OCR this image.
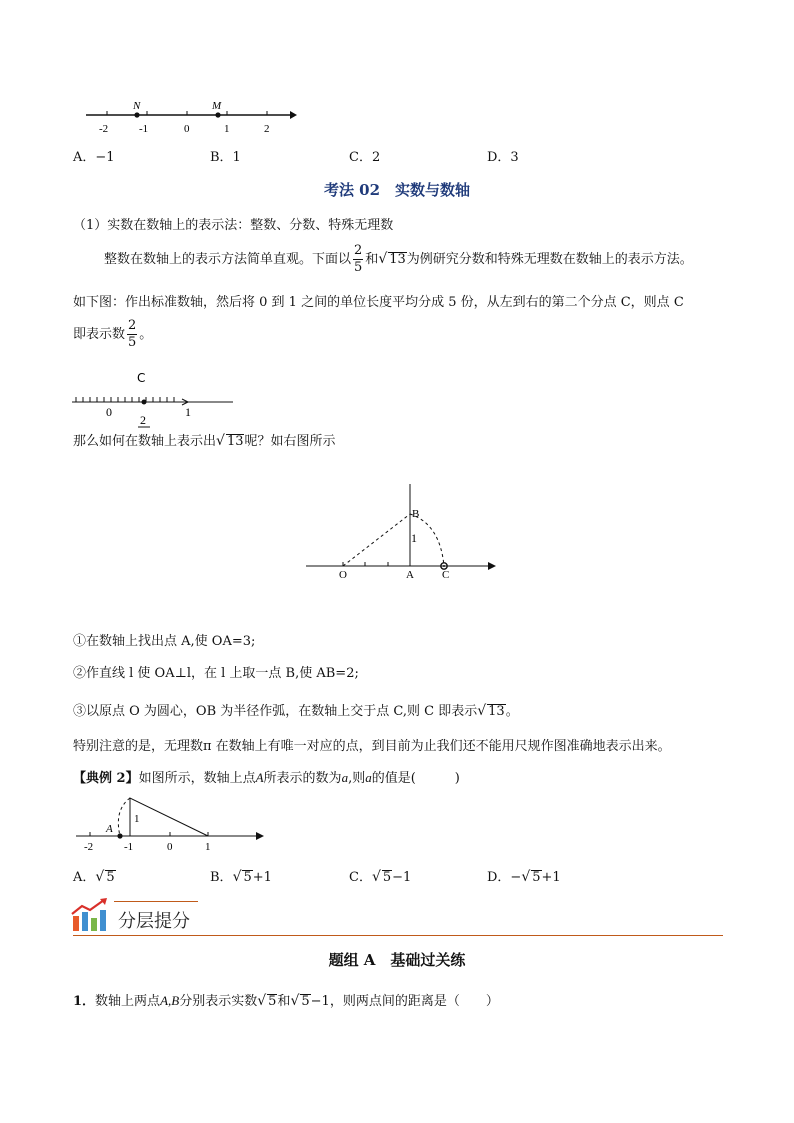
N	M
-2	-1	0	1	2
A．−1	B．1	C．2	D．3
考法 02　实数与数轴
（1）实数在数轴上的表示法：整数、分数、特殊无理数
整数在数轴上的表示方法简单直观。下面以 $\frac{2}{5}$ 和√ 13为例研究分数和特殊无理数在数轴上的表示方法。
如下图：作出标准数轴，然后将 0 到 1 之间的单位长度平均分成 5 份，从左到右的第二个分点 C，则点 C
即表示数 $\frac{2}{5}$ 。
C
0	1
2
那么如何在数轴上表示出√ 13呢？如右图所示
B
1
O	A	C
①在数轴上找出点 A,使 OA=3;
②作直线 l 使 OA⊥l，在 l 上取一点 B,使 AB=2;
③以原点 O 为圆心，OB 为半径作弧，在数轴上交于点 C,则 C 即表示√ 13。
特别注意的是，无理数π 在数轴上有唯一对应的点，到目前为止我们还不能用尺规作图准确地表示出来。
【典例 2】如图所示，数轴上点A所表示的数为a,则a的值是(　　　)
A
1
-2	-1	0	1
A．√ 5	B．√ 5+1	C．√ 5−1	D．−√ 5+1
分层提分
题组 A　基础过关练
1．数轴上两点A,B分别表示实数√ 5和√ 5−1，则两点间的距离是（　　）
